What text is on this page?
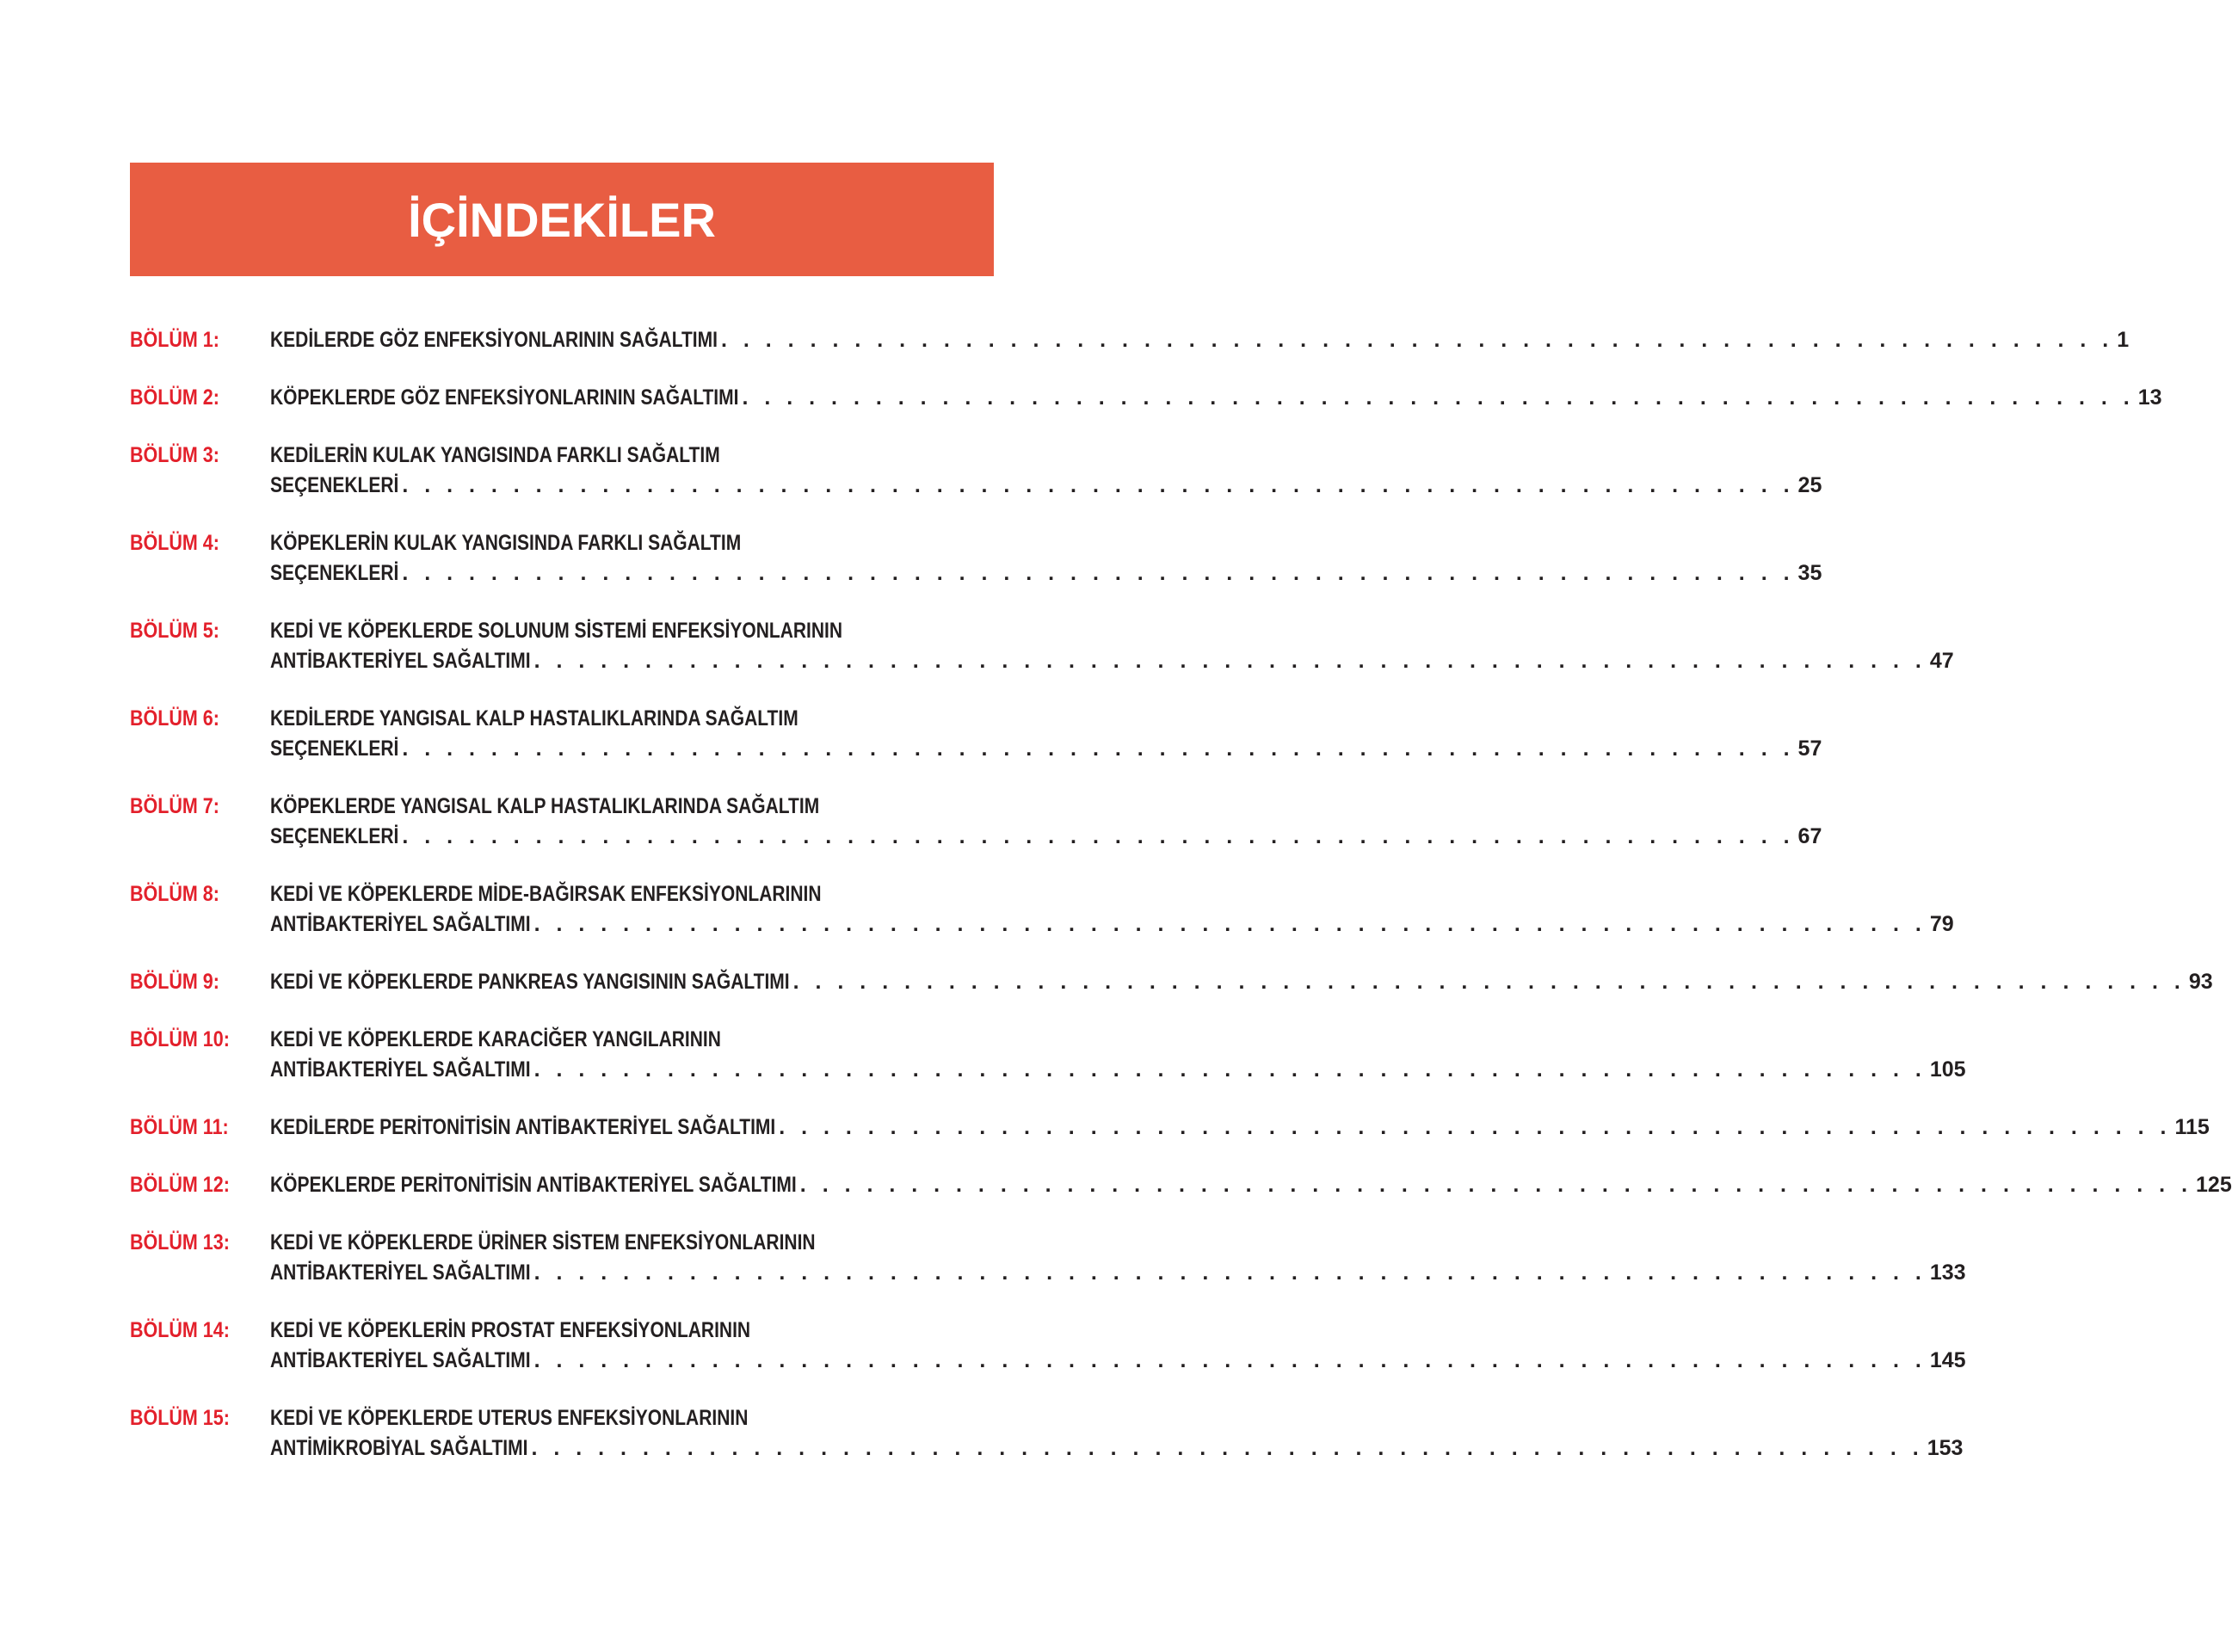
İÇİNDEKİLER
BÖLÜM 1:	KEDİLERDE GÖZ ENFEKSİYONLARININ SAĞALTIMI . . . . . . . . . . . . . . . . . . . . . . . . . . . . . . . . . . . . . . . . . . . . . . . . . . . . . . . . . . . . . . . 1
BÖLÜM 2:	KÖPEKLERDE GÖZ ENFEKSİYONLARININ SAĞALTIMI . . . . . . . . . . . . . . . . . . . . . . . . . . . . . . . . . . . . . . . . . . . . . . . . . . . . . . . . . . . . . . . 13
BÖLÜM 3:	KEDİLERİN KULAK YANGISINDA FARKLI SAĞALTIM
SEÇENEKLERİ . . . . . . . . . . . . . . . . . . . . . . . . . . . . . . . . . . . . . . . . . . . . . . . . . . . . . . . . . . . . . . . 25
BÖLÜM 4:	KÖPEKLERİN KULAK YANGISINDA FARKLI SAĞALTIM
SEÇENEKLERİ . . . . . . . . . . . . . . . . . . . . . . . . . . . . . . . . . . . . . . . . . . . . . . . . . . . . . . . . . . . . . . . 35
BÖLÜM 5:	KEDİ VE KÖPEKLERDE SOLUNUM SİSTEMİ ENFEKSİYONLARININ
ANTİBAKTERİYEL SAĞALTIMI . . . . . . . . . . . . . . . . . . . . . . . . . . . . . . . . . . . . . . . . . . . . . . . . . . . . . . . . . . . . . . . 47
BÖLÜM 6:	KEDİLERDE YANGISAL KALP HASTALIKLARINDA SAĞALTIM
SEÇENEKLERİ . . . . . . . . . . . . . . . . . . . . . . . . . . . . . . . . . . . . . . . . . . . . . . . . . . . . . . . . . . . . . . . 57
BÖLÜM 7:	KÖPEKLERDE YANGISAL KALP HASTALIKLARINDA SAĞALTIM
SEÇENEKLERİ . . . . . . . . . . . . . . . . . . . . . . . . . . . . . . . . . . . . . . . . . . . . . . . . . . . . . . . . . . . . . . . 67
BÖLÜM 8:	KEDİ VE KÖPEKLERDE MİDE-BAĞIRSAK ENFEKSİYONLARININ
ANTİBAKTERİYEL SAĞALTIMI . . . . . . . . . . . . . . . . . . . . . . . . . . . . . . . . . . . . . . . . . . . . . . . . . . . . . . . . . . . . . . . 79
BÖLÜM 9:	KEDİ VE KÖPEKLERDE PANKREAS YANGISININ SAĞALTIMI . . . . . . . . . . . . . . . . . . . . . . . . . . . . . . . . . . . . . . . . . . . . . . . . . . . . . . . . . . . . . . . 93
BÖLÜM 10:	KEDİ VE KÖPEKLERDE KARACİĞER YANGILARININ
ANTİBAKTERİYEL SAĞALTIMI . . . . . . . . . . . . . . . . . . . . . . . . . . . . . . . . . . . . . . . . . . . . . . . . . . . . . . . . . . . . . . . 105
BÖLÜM 11:	KEDİLERDE PERİTONİTİSİN ANTİBAKTERİYEL SAĞALTIMI . . . . . . . . . . . . . . . . . . . . . . . . . . . . . . . . . . . . . . . . . . . . . . . . . . . . . . . . . . . . . . . 115
BÖLÜM 12:	KÖPEKLERDE PERİTONİTİSİN ANTİBAKTERİYEL SAĞALTIMI . . . . . . . . . . . . . . . . . . . . . . . . . . . . . . . . . . . . . . . . . . . . . . . . . . . . . . . . . . . . . . . 125
BÖLÜM 13:	KEDİ VE KÖPEKLERDE ÜRİNER SİSTEM ENFEKSİYONLARININ
ANTİBAKTERİYEL SAĞALTIMI . . . . . . . . . . . . . . . . . . . . . . . . . . . . . . . . . . . . . . . . . . . . . . . . . . . . . . . . . . . . . . . 133
BÖLÜM 14:	KEDİ VE KÖPEKLERİN PROSTAT ENFEKSİYONLARININ
ANTİBAKTERİYEL SAĞALTIMI . . . . . . . . . . . . . . . . . . . . . . . . . . . . . . . . . . . . . . . . . . . . . . . . . . . . . . . . . . . . . . . 145
BÖLÜM 15:	KEDİ VE KÖPEKLERDE UTERUS ENFEKSİYONLARININ
ANTİMİKROBİYAL SAĞALTIMI . . . . . . . . . . . . . . . . . . . . . . . . . . . . . . . . . . . . . . . . . . . . . . . . . . . . . . . . . . . . . . . 153
